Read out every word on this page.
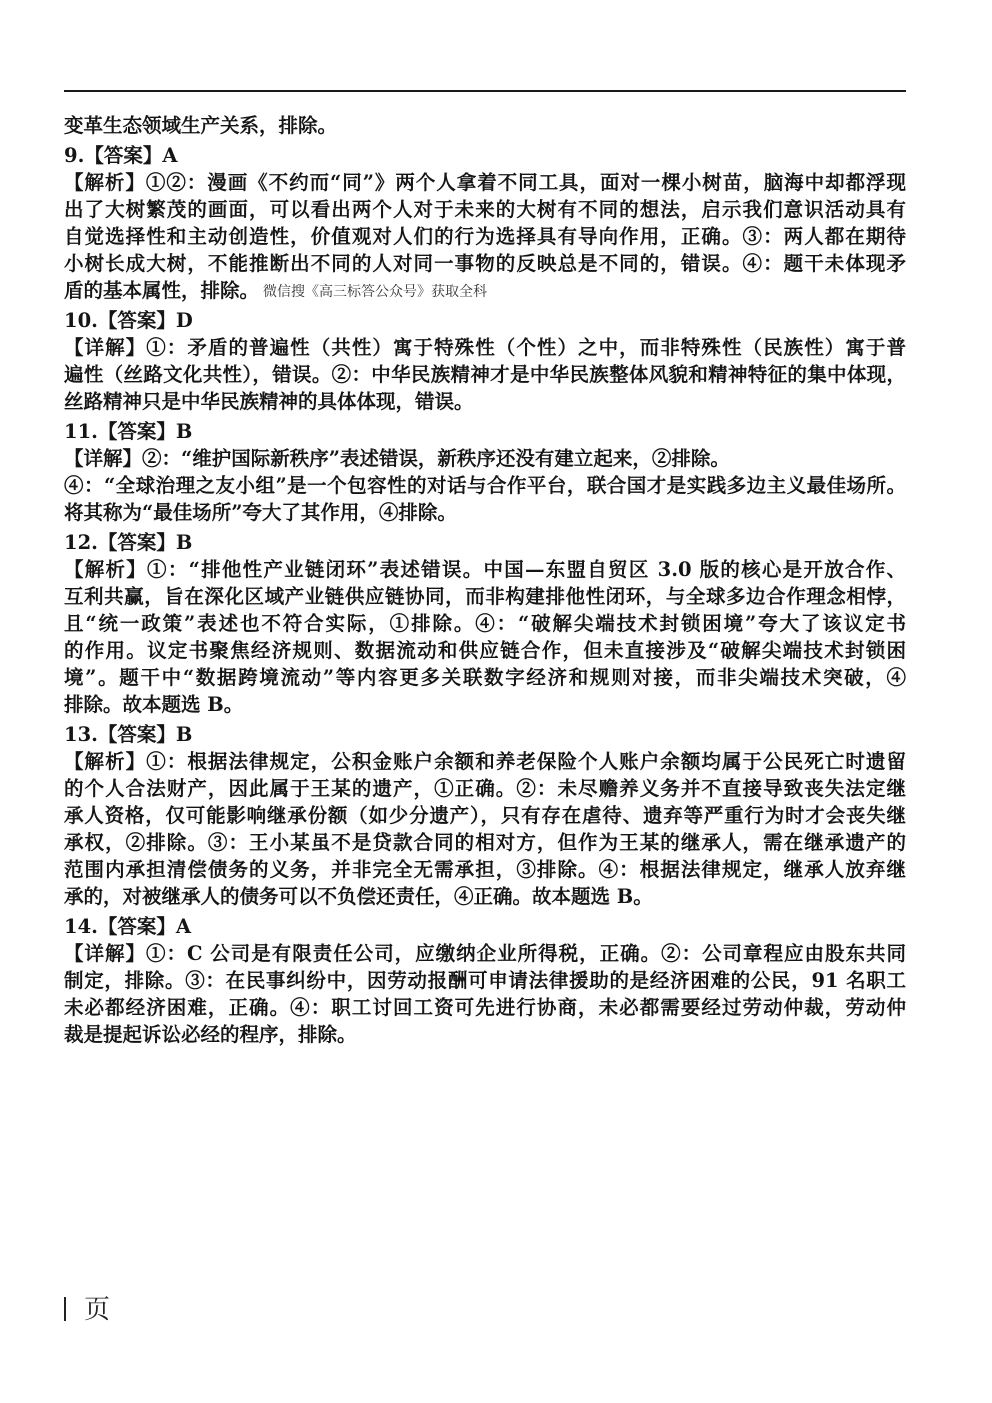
变革生态领域生产关系，排除。
9.【答案】A
【解析】①②：漫画《不约而“同”》两个人拿着不同工具，面对一棵小树苗，脑海中却都浮现
出了大树繁茂的画面，可以看出两个人对于未来的大树有不同的想法，启示我们意识活动具有
自觉选择性和主动创造性，价值观对人们的行为选择具有导向作用，正确。③：两人都在期待
小树长成大树，不能推断出不同的人对同一事物的反映总是不同的，错误。④：题干未体现矛
盾的基本属性，排除。 微信搜《高三标答公众号》获取全科
10.【答案】D
【详解】①：矛盾的普遍性（共性）寓于特殊性（个性）之中，而非特殊性（民族性）寓于普
遍性（丝路文化共性），错误。②：中华民族精神才是中华民族整体风貌和精神特征的集中体现，
丝路精神只是中华民族精神的具体体现，错误。
11.【答案】B
【详解】②：“维护国际新秩序”表述错误，新秩序还没有建立起来，②排除。
④：“全球治理之友小组”是一个包容性的对话与合作平台，联合国才是实践多边主义最佳场所。
将其称为“最佳场所”夸大了其作用，④排除。
12.【答案】B
【解析】①：“排他性产业链闭环”表述错误。中国—东盟自贸区 3.0 版的核心是开放合作、
互利共赢，旨在深化区域产业链供应链协同，而非构建排他性闭环，与全球多边合作理念相悖，
且“统一政策”表述也不符合实际，①排除。④：“破解尖端技术封锁困境”夸大了该议定书
的作用。议定书聚焦经济规则、数据流动和供应链合作，但未直接涉及“破解尖端技术封锁困
境”。题干中“数据跨境流动”等内容更多关联数字经济和规则对接，而非尖端技术突破，④
排除。故本题选 B。
13.【答案】B
【解析】①：根据法律规定，公积金账户余额和养老保险个人账户余额均属于公民死亡时遗留
的个人合法财产，因此属于王某的遗产，①正确。②：未尽赡养义务并不直接导致丧失法定继
承人资格，仅可能影响继承份额（如少分遗产），只有存在虐待、遗弃等严重行为时才会丧失继
承权，②排除。③：王小某虽不是贷款合同的相对方，但作为王某的继承人，需在继承遗产的
范围内承担清偿债务的义务，并非完全无需承担，③排除。④：根据法律规定，继承人放弃继
承的，对被继承人的债务可以不负偿还责任，④正确。故本题选 B。
14.【答案】A
【详解】①：C 公司是有限责任公司，应缴纳企业所得税，正确。②：公司章程应由股东共同
制定，排除。③：在民事纠纷中，因劳动报酬可申请法律援助的是经济困难的公民，91 名职工
未必都经济困难，正确。④：职工讨回工资可先进行协商，未必都需要经过劳动仲裁，劳动仲
裁是提起诉讼必经的程序，排除。
页
